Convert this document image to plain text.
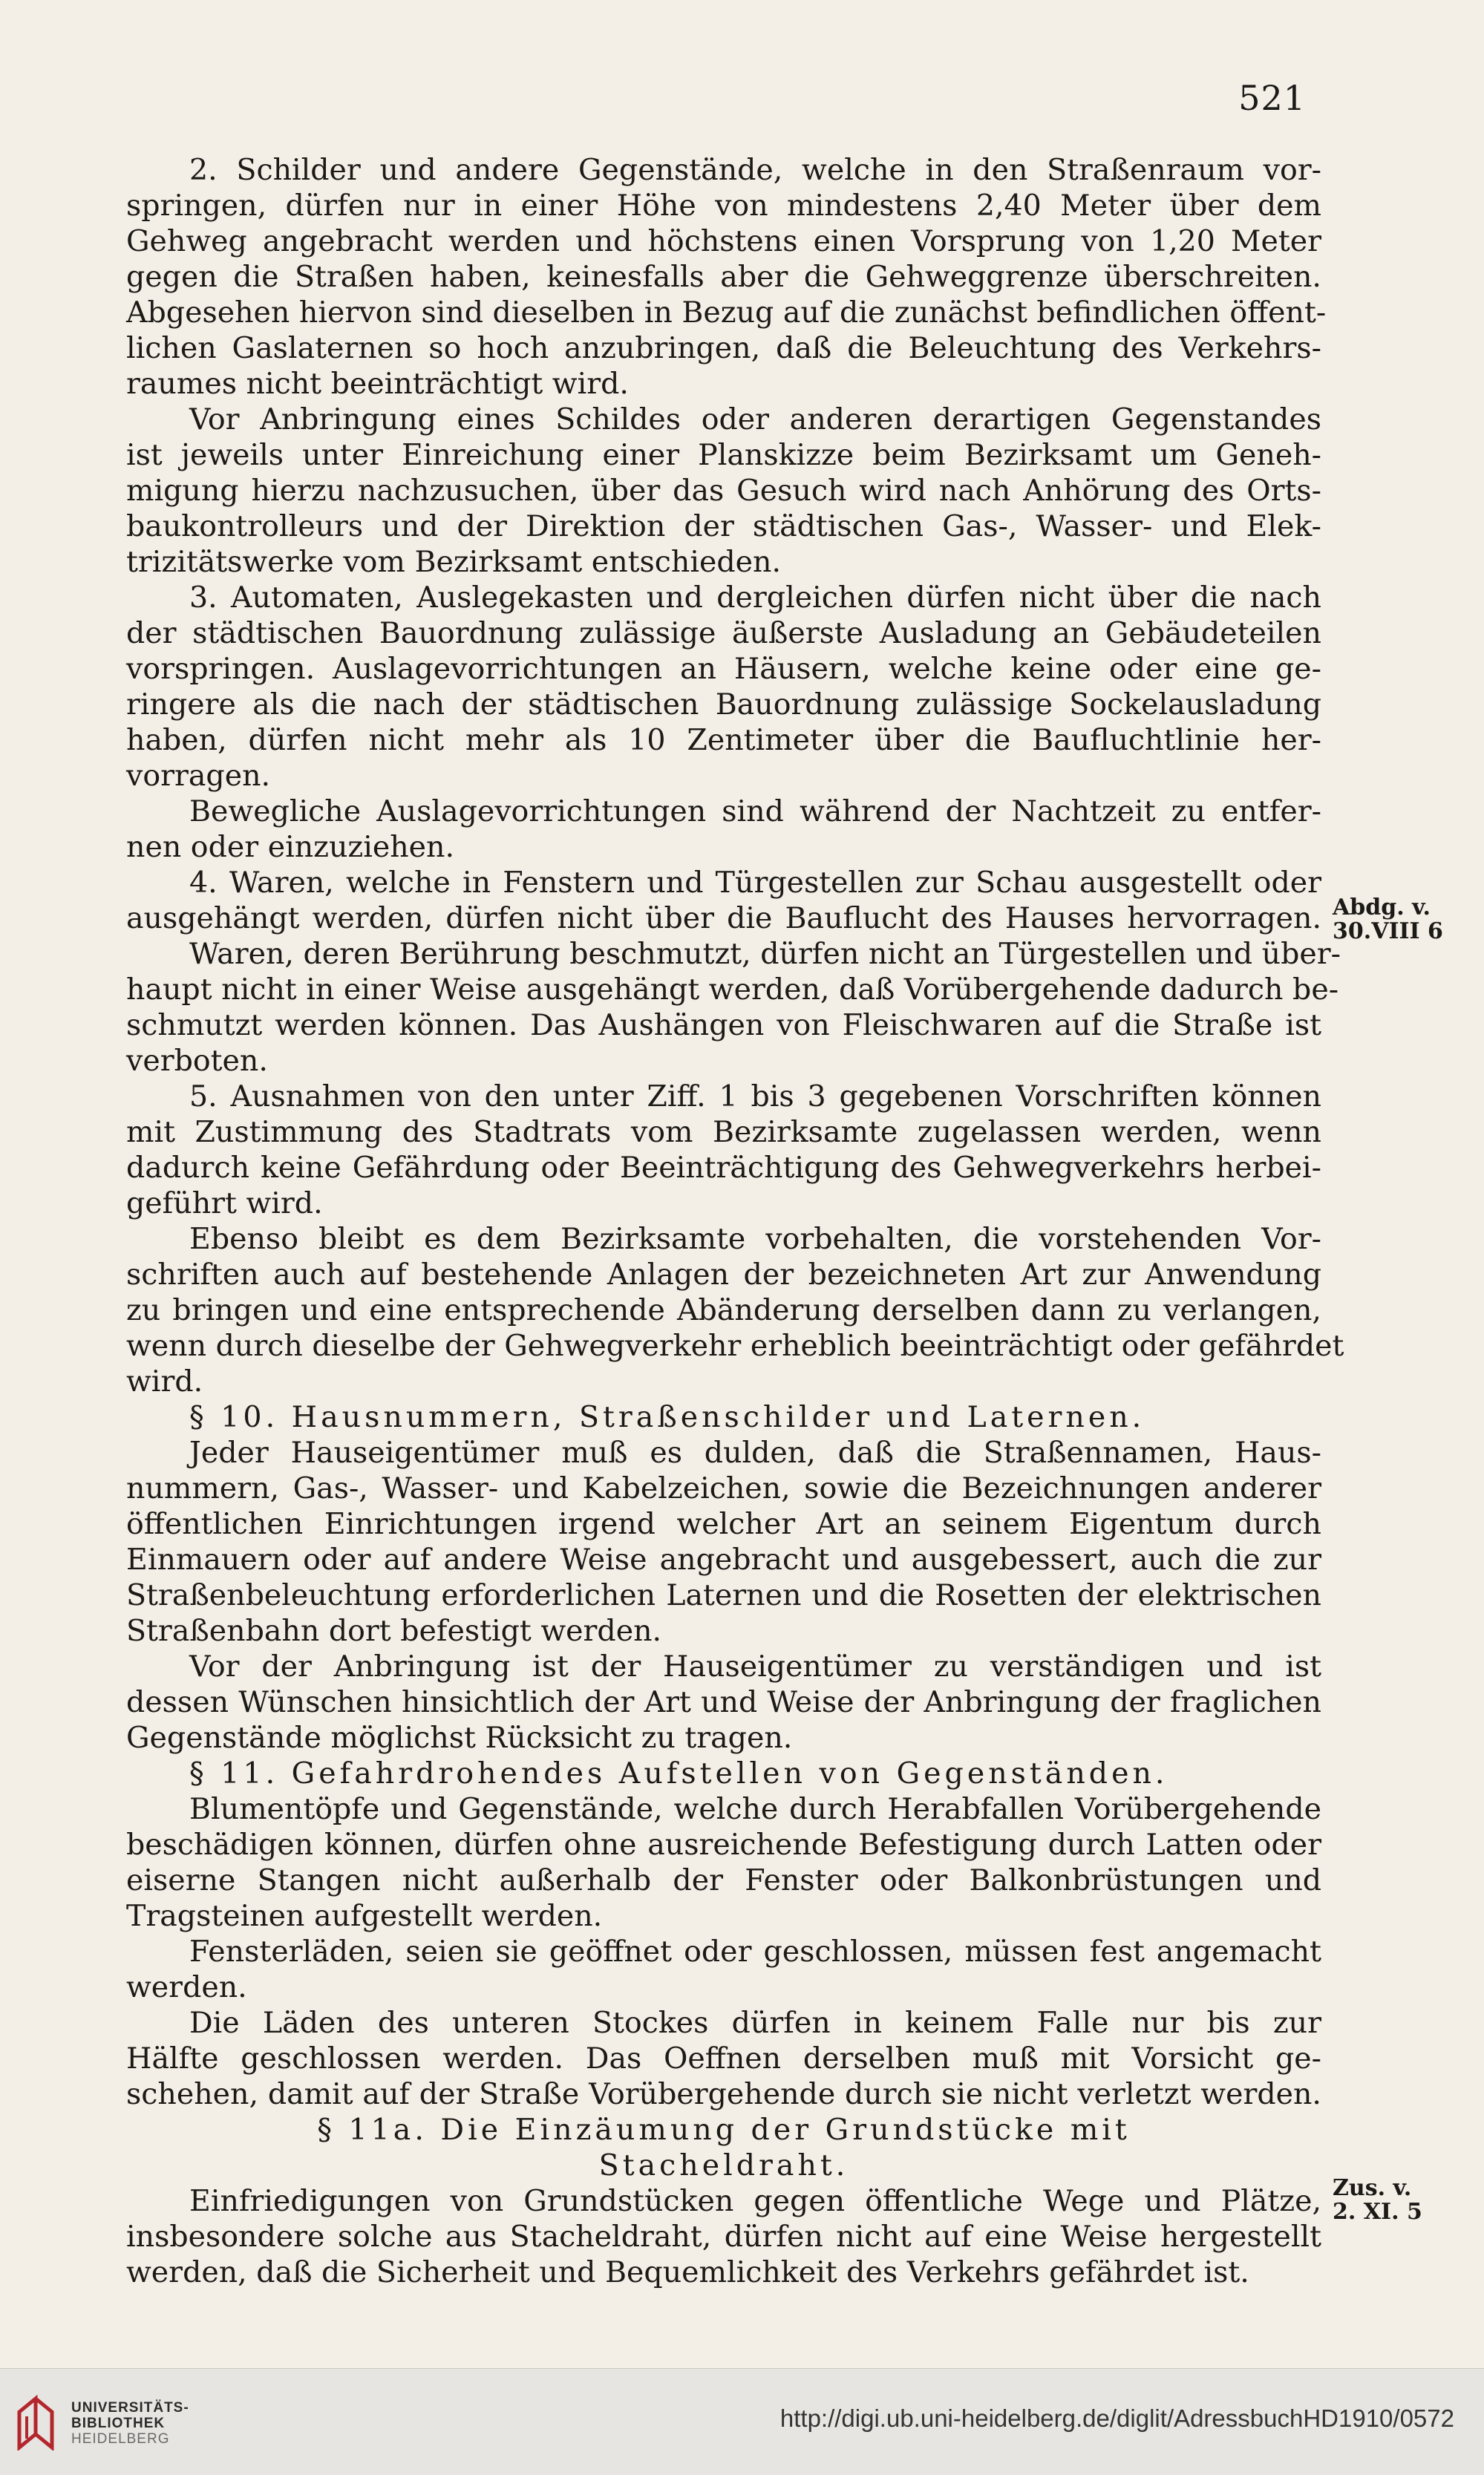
521
2. Schilder und andere Gegenstände, welche in den Straßenraum vor-
springen, dürfen nur in einer Höhe von mindestens 2,40 Meter über dem
Gehweg angebracht werden und höchstens einen Vorsprung von 1,20 Meter
gegen die Straßen haben, keinesfalls aber die Gehweggrenze überschreiten.
Abgesehen hiervon sind dieselben in Bezug auf die zunächst befindlichen öffent-
lichen Gaslaternen so hoch anzubringen, daß die Beleuchtung des Verkehrs-
raumes nicht beeinträchtigt wird.
Vor Anbringung eines Schildes oder anderen derartigen Gegenstandes
ist jeweils unter Einreichung einer Planskizze beim Bezirksamt um Geneh-
migung hierzu nachzusuchen, über das Gesuch wird nach Anhörung des Orts-
baukontrolleurs und der Direktion der städtischen Gas-, Wasser- und Elek-
trizitätswerke vom Bezirksamt entschieden.
3. Automaten, Auslegekasten und dergleichen dürfen nicht über die nach
der städtischen Bauordnung zulässige äußerste Ausladung an Gebäudeteilen
vorspringen. Auslagevorrichtungen an Häusern, welche keine oder eine ge-
ringere als die nach der städtischen Bauordnung zulässige Sockelausladung
haben, dürfen nicht mehr als 10 Zentimeter über die Baufluchtlinie her-
vorragen.
Bewegliche Auslagevorrichtungen sind während der Nachtzeit zu entfer-
nen oder einzuziehen.
4. Waren, welche in Fenstern und Türgestellen zur Schau ausgestellt oder
ausgehängt werden, dürfen nicht über die Bauflucht des Hauses hervorragen.
Waren, deren Berührung beschmutzt, dürfen nicht an Türgestellen und über-
haupt nicht in einer Weise ausgehängt werden, daß Vorübergehende dadurch be-
schmutzt werden können. Das Aushängen von Fleischwaren auf die Straße ist
verboten.
5. Ausnahmen von den unter Ziff. 1 bis 3 gegebenen Vorschriften können
mit Zustimmung des Stadtrats vom Bezirksamte zugelassen werden, wenn
dadurch keine Gefährdung oder Beeinträchtigung des Gehwegverkehrs herbei-
geführt wird.
Ebenso bleibt es dem Bezirksamte vorbehalten, die vorstehenden Vor-
schriften auch auf bestehende Anlagen der bezeichneten Art zur Anwendung
zu bringen und eine entsprechende Abänderung derselben dann zu verlangen,
wenn durch dieselbe der Gehwegverkehr erheblich beeinträchtigt oder gefährdet
wird.
§ 10. Hausnummern, Straßenschilder und Laternen.
Jeder Hauseigentümer muß es dulden, daß die Straßennamen, Haus-
nummern, Gas-, Wasser- und Kabelzeichen, sowie die Bezeichnungen anderer
öffentlichen Einrichtungen irgend welcher Art an seinem Eigentum durch
Einmauern oder auf andere Weise angebracht und ausgebessert, auch die zur
Straßenbeleuchtung erforderlichen Laternen und die Rosetten der elektrischen
Straßenbahn dort befestigt werden.
Vor der Anbringung ist der Hauseigentümer zu verständigen und ist
dessen Wünschen hinsichtlich der Art und Weise der Anbringung der fraglichen
Gegenstände möglichst Rücksicht zu tragen.
§ 11. Gefahrdrohendes Aufstellen von Gegenständen.
Blumentöpfe und Gegenstände, welche durch Herabfallen Vorübergehende
beschädigen können, dürfen ohne ausreichende Befestigung durch Latten oder
eiserne Stangen nicht außerhalb der Fenster oder Balkonbrüstungen und
Tragsteinen aufgestellt werden.
Fensterläden, seien sie geöffnet oder geschlossen, müssen fest angemacht
werden.
Die Läden des unteren Stockes dürfen in keinem Falle nur bis zur
Hälfte geschlossen werden. Das Oeffnen derselben muß mit Vorsicht ge-
schehen, damit auf der Straße Vorübergehende durch sie nicht verletzt werden.
§ 11a. Die Einzäumung der Grundstücke mit
Stacheldraht.
Einfriedigungen von Grundstücken gegen öffentliche Wege und Plätze,
insbesondere solche aus Stacheldraht, dürfen nicht auf eine Weise hergestellt
werden, daß die Sicherheit und Bequemlichkeit des Verkehrs gefährdet ist.
Abdg. v.
30.VIII 6
Zus. v.
2. XI. 5
UNIVERSITÄTS-
BIBLIOTHEK
HEIDELBERG
http://digi.ub.uni-heidelberg.de/diglit/AdressbuchHD1910/0572
